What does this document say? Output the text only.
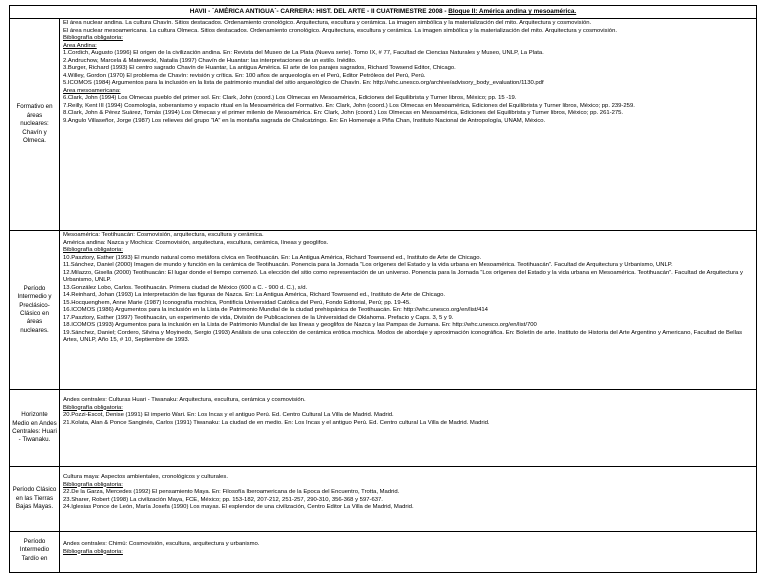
HAVII - `AMÉRICA ANTIGUA´- CARRERA: HIST. DEL ARTE - II CUATRIMESTRE 2008 - Bloque II: América andina y mesoamérica.
Formativo en áreas nucleares: Chavín y Olmeca.
El área nuclear andina. La cultura Chavín. Sitios destacados. Ordenamiento cronológico. Arquitectura, escultura y cerámica. La imagen simbólica y la materialización del mito. Arquitectura y cosmovisión.
El área nuclear mesoamericana. La cultura Olmeca. Sitios destacados. Ordenamiento cronológico. Arquitectura, escultura y cerámica. La imagen simbólica y la materialización del mito. Arquitectura y cosmovisión.
Bibliografía obligatoria:
Área Andina:
1.Cordich, Augusto (1996) El origen de la civilización andina. En: Revista del Museo de La Plata (Nueva serie). Tomo IX, # 77, Facultad de Ciencias Naturales y Museo, UNLP, La Plata.
2.Andruchow, Marcela & Matewecki, Natalia (1997) Chavín de Huantar: las interpretaciones de un estilo. Inédito.
3.Burger, Richard (1993) El centro sagrado Chavín de Huantar, La antigua América. El arte de los parajes sagrados, Richard Towsend Editor, Chicago.
4.Willey, Gordon (1970) El problema de Chavín: revisión y crítica. En: 100 años de arqueología en el Perú, Editor Petróleos del Perú, Perú.
5.ICOMOS (1984) Argumentos para la inclusión en la lista de patrimonio mundial del sitio arqueológico de Chavín. En: http://whc.unesco.org/archive/advisory_body_evaluation/1130.pdf
Área mesoamericana:
6.Clark, John (1994) Los Olmecas pueblo del primer sol. En: Clark, John (coord.) Los Olmecas en Mesoamérica, Ediciones del Equilibrista y Turner libros, México; pp. 15 -19.
7.Reilly, Kent III (1994) Cosmología, soberanismo y espacio ritual en la Mesoamérica del Formativo. En: Clark, John (coord.) Los Olmecas en Mesoamérica, Ediciones del Equilibrista y Turner libros, México; pp. 239-259.
8.Clark, John & Pérez Suárez, Tomás (1994) Los Olmecas y el primer milenio de Mesoamérica. En: Clark, John (coord.) Los Olmecas en Mesoamérica, Ediciones del Equilibrista y Turner libros, México; pp. 261-275.
9.Angulo Villaseñor, Jorge (1987) Los relieves del grupo “IA” en la montaña sagrada de Chalcatzingo. En: En Homenaje a Piña Chan, Instituto Nacional de Antropología, UNAM, México.
Período Intermedio y Preclásico-Clásico en áreas nucleares.
Mesoamérica: Teotihuacán: Cosmovisión, arquitectura, escultura y cerámica.
América andina: Nazca y Mochica: Cosmovisión, arquitectura, escultura, cerámica, líneas y geoglifos.
Bibliografía obligatoria:
10.Pasztory, Esther (1993) El mundo natural como metáfora cívica en Teotihuacán. En: La Antigua América, Richard Townsend ed., Instituto de Arte de Chicago.
11.Sánchez, Daniel (2000) Imagen de mundo y función en la cerámica de Teotihuacán. Ponencia para la Jornada “Los orígenes del Estado y la vida urbana en Mesoamérica. Teotihuacán”. Facultad de Arquitectura y Urbanismo, UNLP.
12.Milazzo, Gisella (2000) Teotihuacán: El lugar donde el tiempo comenzó. La elección del sitio como representación de un universo. Ponencia para la Jornada “Los orígenes del Estado y la vida urbana en Mesoamérica. Teotihuacán”. Facultad de Arquitectura y Urbanismo, UNLP.
13.González Lobo, Carlos. Teotihuacán. Primera ciudad de México (600 a C. - 900 d. C.), s/d.
14.Reinhard, Johan (1993) La interpretación de las figuras de Nazca. En: La Antigua América, Richard Townsend ed., Instituto de Arte de Chicago.
15.Hocquenghem, Anne Marie (1987) Iconografía mochica, Pontificia Universidad Católica del Perú, Fondo Editorial, Perú; pp. 19-45.
16.ICOMOS (1986) Argumentos para la inclusión en la Lista de Patrimonio Mundial de la ciudad prehispánica de Teotihuacán. En: http://whc.unesco.org/en/list/414
17.Pasztory, Esther (1997) Teotihuacán, un experimento de vida, División de Publicaciones de la Universidad de Oklahoma. Prefacio y Caps. 3, 5 y 9.
18.ICOMOS (1993) Argumentos para la inclusión en la Lista de Patrimonio Mundial de las líneas y geoglifos de Nazca y las Pampas de Jumana. En: http://whc.unesco.org/en/list/700
19.Sánchez, Daniel; Cordero, Silvina y Moyinedo, Sergio (1993) Análisis de una colección de cerámica erótica mochica. Modos de abordaje y aproximación iconográfica. En: Boletín de arte. Instituto de Historia del Arte Argentino y Americano, Facultad de Bellas Artes, UNLP, Año 15, # 10, Septiembre de 1993.
Horizonte Medio en Andes Centrales: Huari - Tiwanaku.
Andes centrales: Culturas Huari - Tiwanaku: Arquitectura, escultura, cerámica y cosmovisión.
Bibliografía obligatoria:
20.Pozzi-Escot, Denise (1991) El imperio Wari. En: Los Incas y el antiguo Perú. Ed. Centro Cultural La Villa de Madrid. Madrid.
21.Kolata, Alan & Ponce Sanginés, Carlos (1991) Tiwanaku: La ciudad de en medio. En: Los Incas y el antiguo Perú. Ed. Centro cultural La Villa de Madrid. Madrid.
Período Clásico en las Tierras Bajas Mayas.
Cultura maya: Aspectos ambientales, cronológicos y culturales.
Bibliografía obligatoria:
22.De la Garza, Mercedes (1992) El pensamiento Maya. En: Filosofía Iberoamericana de la Época del Encuentro, Trotta, Madrid.
23.Sharer, Robert (1998) La civilización Maya, FCE, México; pp. 153-182, 207-212, 251-257, 290-310, 356-368 y 597-637.
24.Iglesias Ponce de León, María Josefa (1990) Los mayas. El esplendor de una civilización, Centro Editor La Villa de Madrid, Madrid.
Período Intermedio Tardío en
Andes centrales: Chimú: Cosmovisión, escultura, arquitectura y urbanismo.
Bibliografía obligatoria:
